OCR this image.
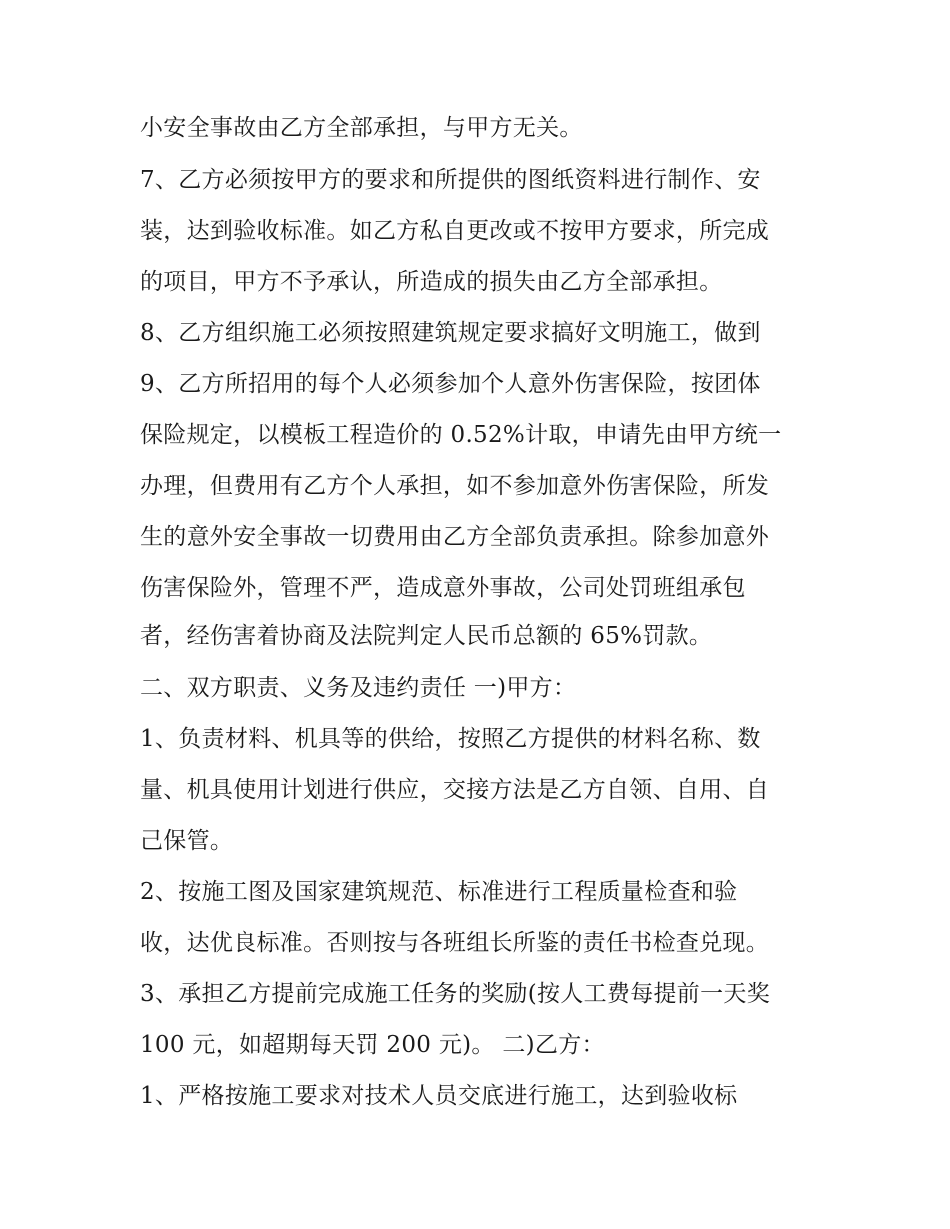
小安全事故由乙方全部承担，与甲方无关。
7、乙方必须按甲方的要求和所提供的图纸资料进行制作、安
装，达到验收标准。如乙方私自更改或不按甲方要求，所完成
的项目，甲方不予承认，所造成的损失由乙方全部承担。
8、乙方组织施工必须按照建筑规定要求搞好文明施工，做到
9、乙方所招用的每个人必须参加个人意外伤害保险，按团体
保险规定，以模板工程造价的 0.52%计取，申请先由甲方统一
办理，但费用有乙方个人承担，如不参加意外伤害保险，所发
生的意外安全事故一切费用由乙方全部负责承担。除参加意外
伤害保险外，管理不严，造成意外事故，公司处罚班组承包
者，经伤害着协商及法院判定人民币总额的 65%罚款。
二、双方职责、义务及违约责任 一)甲方：
1、负责材料、机具等的供给，按照乙方提供的材料名称、数
量、机具使用计划进行供应，交接方法是乙方自领、自用、自
己保管。
2、按施工图及国家建筑规范、标准进行工程质量检查和验
收，达优良标准。否则按与各班组长所鉴的责任书检查兑现。
3、承担乙方提前完成施工任务的奖励(按人工费每提前一天奖
100 元，如超期每天罚 200 元)。 二)乙方：
1、严格按施工要求对技术人员交底进行施工，达到验收标
